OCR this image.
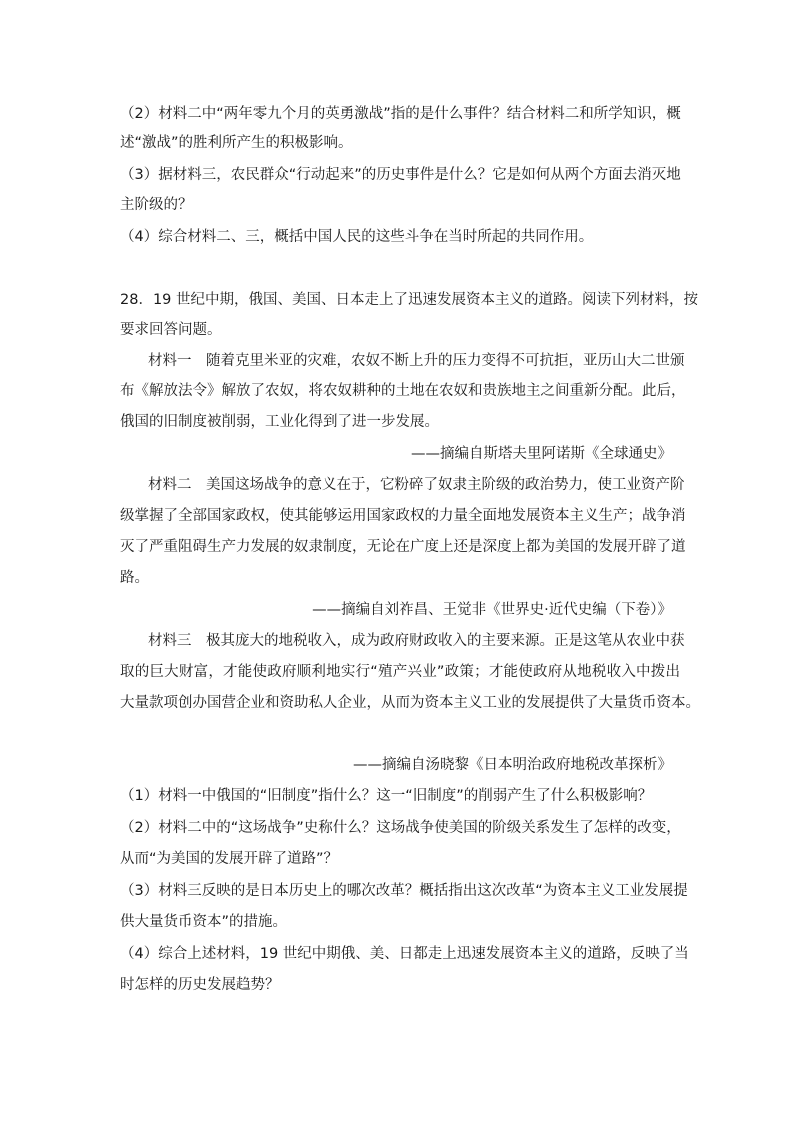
（2）材料二中“两年零九个月的英勇激战”指的是什么事件？结合材料二和所学知识，概
述“激战”的胜利所产生的积极影响。
（3）据材料三，农民群众“行动起来”的历史事件是什么？它是如何从两个方面去消灭地
主阶级的？
（4）综合材料二、三，概括中国人民的这些斗争在当时所起的共同作用。
28．19 世纪中期，俄国、美国、日本走上了迅速发展资本主义的道路。阅读下列材料，按
要求回答问题。
材料一　随着克里米亚的灾难，农奴不断上升的压力变得不可抗拒，亚历山大二世颁
布《解放法令》解放了农奴，将农奴耕种的土地在农奴和贵族地主之间重新分配。此后，
俄国的旧制度被削弱，工业化得到了进一步发展。
——摘编自斯塔夫里阿诺斯《全球通史》
材料二　美国这场战争的意义在于，它粉碎了奴隶主阶级的政治势力，使工业资产阶
级掌握了全部国家政权，使其能够运用国家政权的力量全面地发展资本主义生产；战争消
灭了严重阻碍生产力发展的奴隶制度，无论在广度上还是深度上都为美国的发展开辟了道
路。
——摘编自刘祚昌、王觉非《世界史·近代史编（下卷）》
材料三　极其庞大的地税收入，成为政府财政收入的主要来源。正是这笔从农业中获
取的巨大财富，才能使政府顺利地实行“殖产兴业”政策；才能使政府从地税收入中拨出
大量款项创办国营企业和资助私人企业，从而为资本主义工业的发展提供了大量货币资本。
——摘编自汤晓黎《日本明治政府地税改革探析》
（1）材料一中俄国的“旧制度”指什么？这一“旧制度”的削弱产生了什么积极影响？
（2）材料二中的“这场战争”史称什么？这场战争使美国的阶级关系发生了怎样的改变，
从而“为美国的发展开辟了道路”？
（3）材料三反映的是日本历史上的哪次改革？概括指出这次改革“为资本主义工业发展提
供大量货币资本”的措施。
（4）综合上述材料，19 世纪中期俄、美、日都走上迅速发展资本主义的道路，反映了当
时怎样的历史发展趋势？
